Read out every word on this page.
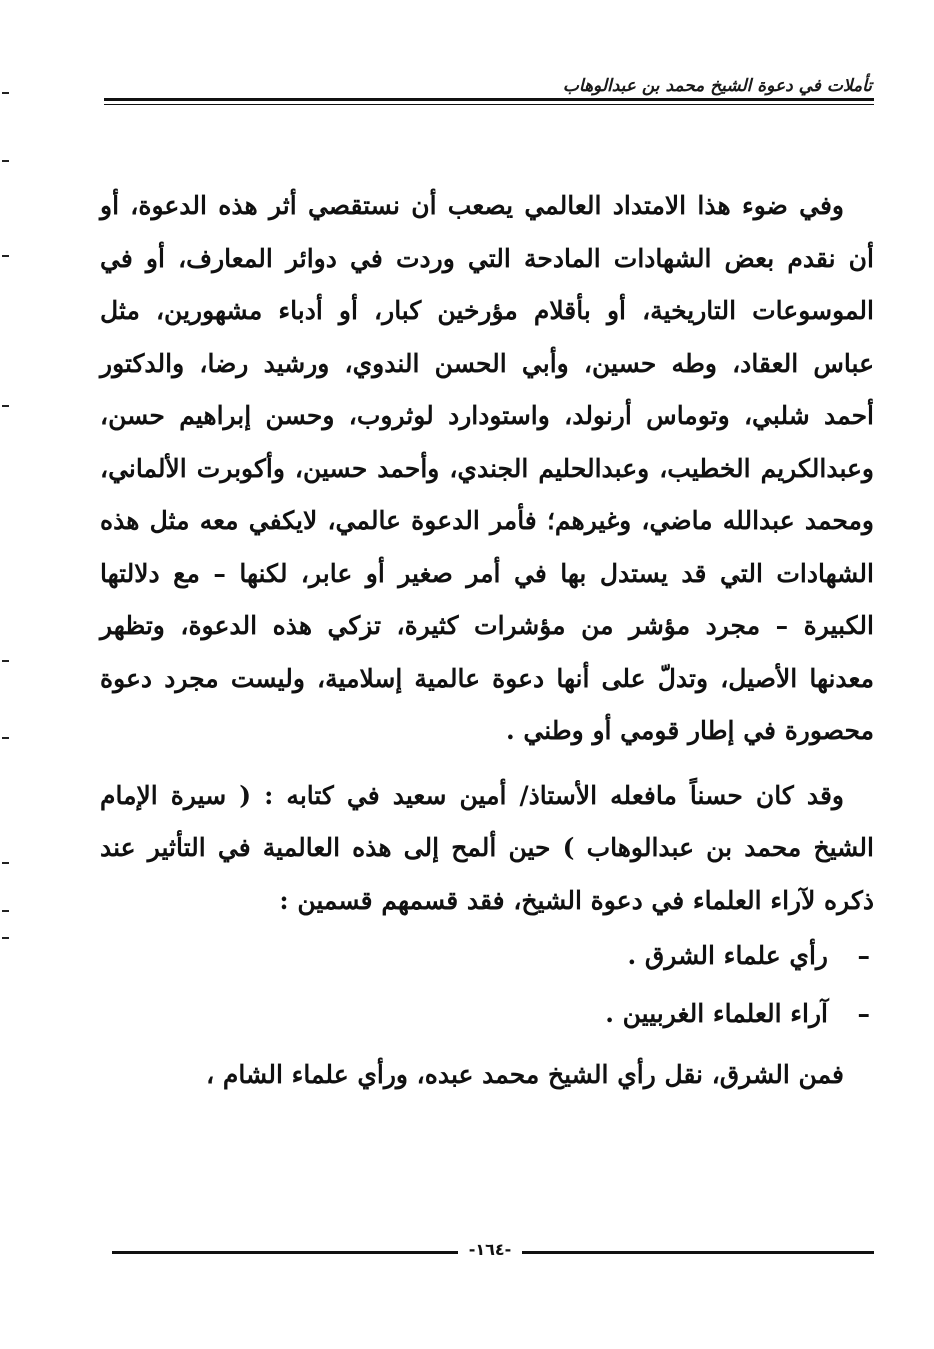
تأملات في دعوة الشيخ محمد بن عبدالوهاب

وفي ضوء هذا الامتداد العالمي يصعب أن نستقصي أثر هذه الدعوة، أو أن نقدم بعض الشهادات المادحة التي وردت في دوائر المعارف، أو في الموسوعات التاريخية، أو بأقلام مؤرخين كبار، أو أدباء مشهورين، مثل عباس العقاد، وطه حسين، وأبي الحسن الندوي، ورشيد رضا، والدكتور أحمد شلبي، وتوماس أرنولد، واستودارد لوثروب، وحسن إبراهيم حسن، وعبدالكريم الخطيب، وعبدالحليم الجندي، وأحمد حسين، وأكوبرت الألماني، ومحمد عبدالله ماضي، وغيرهم؛ فأمر الدعوة عالمي، لايكفي معه مثل هذه الشهادات التي قد يستدل بها في أمر صغير أو عابر، لكنها – مع دلالتها الكبيرة – مجرد مؤشر من مؤشرات كثيرة، تزكي هذه الدعوة، وتظهر معدنها الأصيل، وتدلّ على أنها دعوة عالمية إسلامية، وليست مجرد دعوة محصورة في إطار قومي أو وطني .

وقد كان حسناً مافعله الأستاذ/ أمين سعيد في كتابه : ( سيرة الإمام الشيخ محمد بن عبدالوهاب ) حين ألمح إلى هذه العالمية في التأثير عند ذكره لآراء العلماء في دعوة الشيخ، فقد قسمهم قسمين :

–
رأي علماء الشرق .
–
آراء العلماء الغربيين .

فمن الشرق، نقل رأي الشيخ محمد عبده، ورأي علماء الشام ،

-١٦٤-
